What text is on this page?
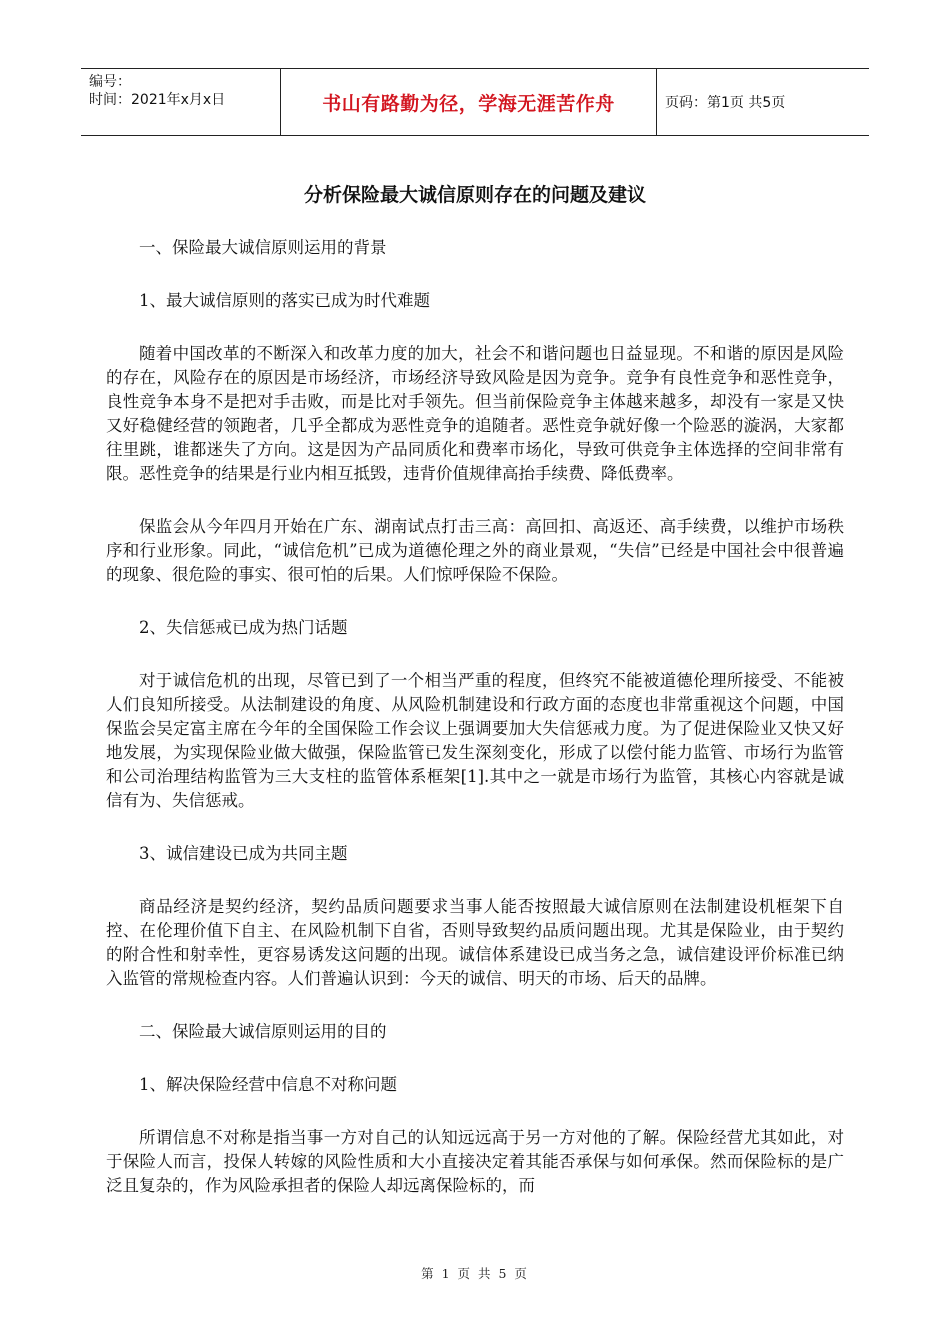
编号：
时间：2021年x月x日	书山有路勤为径，学海无涯苦作舟	页码：第1页 共5页
分析保险最大诚信原则存在的问题及建议

一、保险最大诚信原则运用的背景

1、最大诚信原则的落实已成为时代难题

随着中国改革的不断深入和改革力度的加大，社会不和谐问题也日益显现。不和谐的原因是风险的存在，风险存在的原因是市场经济，市场经济导致风险是因为竞争。竞争有良性竞争和恶性竞争，良性竞争本身不是把对手击败，而是比对手领先。但当前保险竞争主体越来越多，却没有一家是又快又好稳健经营的领跑者，几乎全都成为恶性竞争的追随者。恶性竞争就好像一个险恶的漩涡，大家都往里跳，谁都迷失了方向。这是因为产品同质化和费率市场化，导致可供竞争主体选择的空间非常有限。恶性竞争的结果是行业内相互抵毁，违背价值规律高抬手续费、降低费率。

保监会从今年四月开始在广东、湖南试点打击三高：高回扣、高返还、高手续费，以维护市场秩序和行业形象。同此，“诚信危机”已成为道德伦理之外的商业景观，“失信”已经是中国社会中很普遍的现象、很危险的事实、很可怕的后果。人们惊呼保险不保险。

2、失信惩戒已成为热门话题

对于诚信危机的出现，尽管已到了一个相当严重的程度，但终究不能被道德伦理所接受、不能被人们良知所接受。从法制建设的角度、从风险机制建设和行政方面的态度也非常重视这个问题，中国保监会吴定富主席在今年的全国保险工作会议上强调要加大失信惩戒力度。为了促进保险业又快又好地发展，为实现保险业做大做强，保险监管已发生深刻变化，形成了以偿付能力监管、市场行为监管和公司治理结构监管为三大支柱的监管体系框架[1].其中之一就是市场行为监管，其核心内容就是诚信有为、失信惩戒。

3、诚信建设已成为共同主题

商品经济是契约经济，契约品质问题要求当事人能否按照最大诚信原则在法制建设机框架下自控、在伦理价值下自主、在风险机制下自省，否则导致契约品质问题出现。尤其是保险业，由于契约的附合性和射幸性，更容易诱发这问题的出现。诚信体系建设已成当务之急，诚信建设评价标准已纳入监管的常规检查内容。人们普遍认识到：今天的诚信、明天的市场、后天的品牌。

二、保险最大诚信原则运用的目的

1、解决保险经营中信息不对称问题

所谓信息不对称是指当事一方对自己的认知远远高于另一方对他的了解。保险经营尤其如此，对于保险人而言，投保人转嫁的风险性质和大小直接决定着其能否承保与如何承保。然而保险标的是广泛且复杂的，作为风险承担者的保险人却远离保险标的，而

第 1 页 共 5 页
